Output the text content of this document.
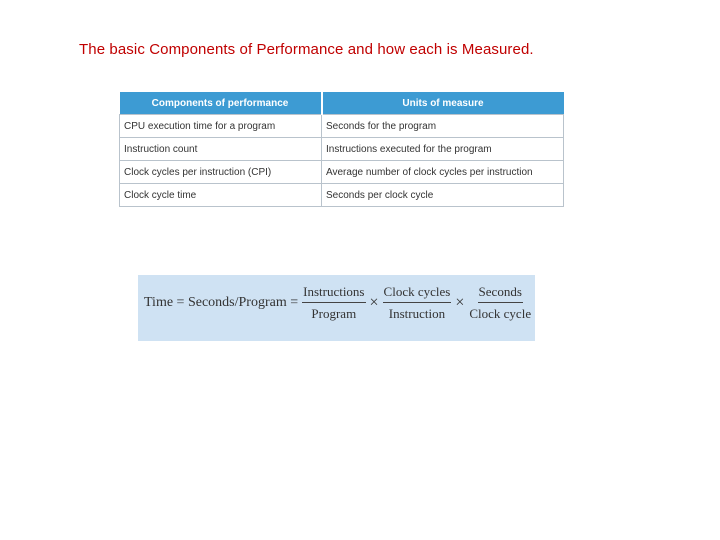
The basic Components of Performance and how each is Measured.
Components of performance	Units of measure
CPU execution time for a program	Seconds for the program
Instruction count	Instructions executed for the program
Clock cycles per instruction (CPI)	Average number of clock cycles per instruction
Clock cycle time	Seconds per clock cycle
Time = Seconds/Program = $\frac{\text{Instructions}}{\text{Program}} \times \frac{\text{Clock cycles}}{\text{Instruction}} \times \frac{\text{Seconds}}{\text{Clock cycle}}$
